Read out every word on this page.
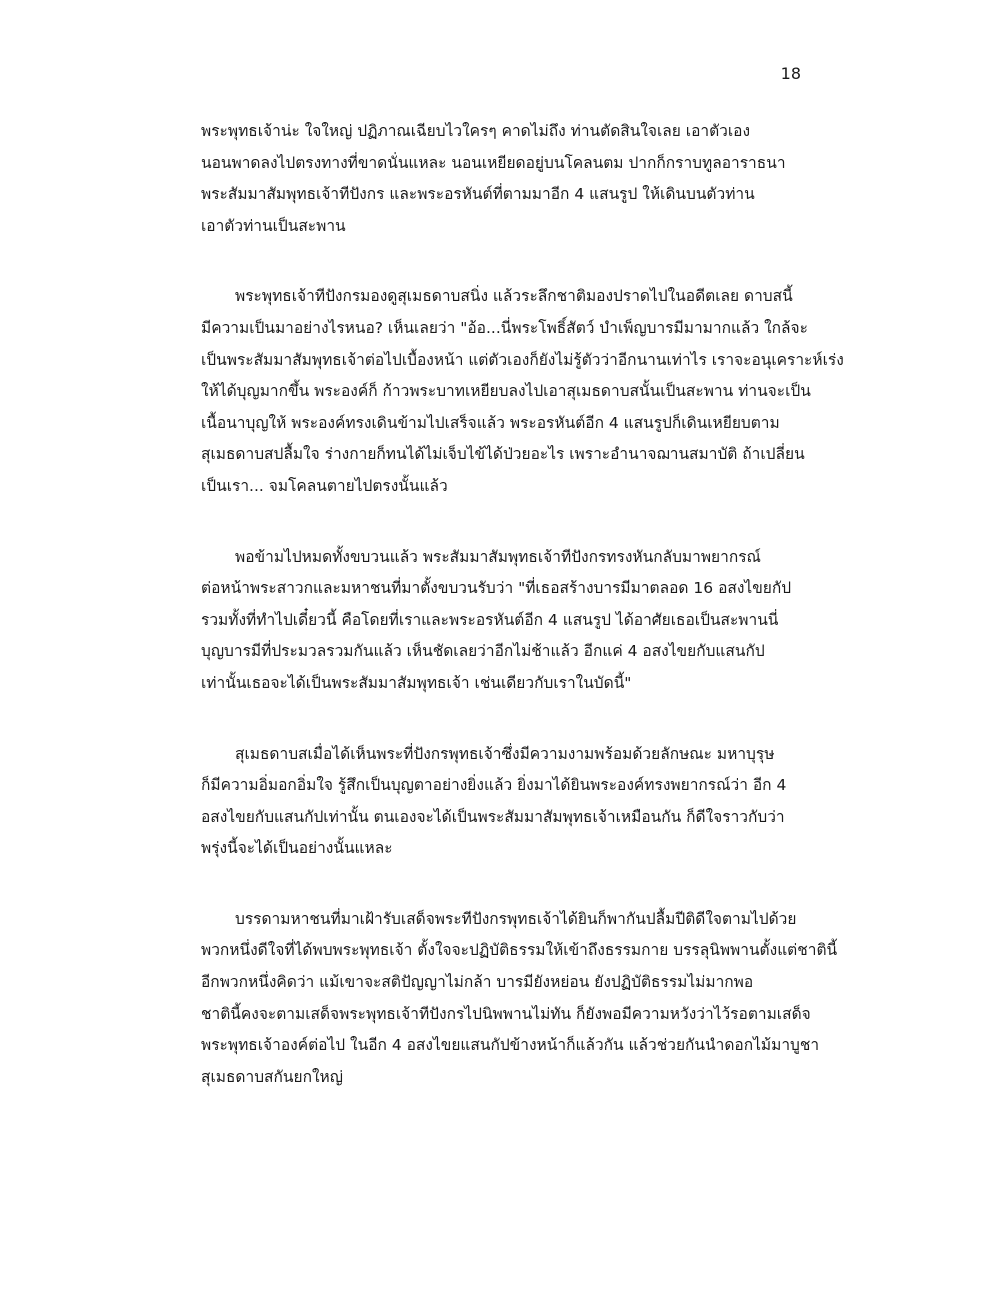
18
พระพุทธเจ้าน่ะ ใจใหญ่ ปฏิภาณเฉียบไวใครๆ คาดไม่ถึง ท่านตัดสินใจเลย เอาตัวเอง
นอนพาดลงไปตรงทางที่ขาดนั่นแหละ นอนเหยียดอยู่บนโคลนตม ปากก็กราบทูลอาราธนา
พระสัมมาสัมพุทธเจ้าทีปังกร และพระอรหันต์ที่ตามมาอีก 4 แสนรูป ให้เดินบนตัวท่าน
เอาตัวท่านเป็นสะพาน
พระพุทธเจ้าทีปังกรมองดูสุเมธดาบสนิ่ง แล้วระลึกชาติมองปราดไปในอดีตเลย ดาบสนี้
มีความเป็นมาอย่างไรหนอ? เห็นเลยว่า "อ้อ...นี่พระโพธิ์สัตว์ บำเพ็ญบารมีมามากแล้ว ใกล้จะ
เป็นพระสัมมาสัมพุทธเจ้าต่อไปเบื้องหน้า แต่ตัวเองก็ยังไม่รู้ตัวว่าอีกนานเท่าไร เราจะอนุเคราะห์เร่ง
ให้ได้บุญมากขึ้น พระองค์ก็ ก้าวพระบาทเหยียบลงไปเอาสุเมธดาบสนั้นเป็นสะพาน ท่านจะเป็น
เนื้อนาบุญให้ พระองค์ทรงเดินข้ามไปเสร็จแล้ว พระอรหันต์อีก 4 แสนรูปก็เดินเหยียบตาม
สุเมธดาบสปลื้มใจ ร่างกายก็ทนได้ไม่เจ็บไข้ได้ป่วยอะไร เพราะอำนาจฌานสมาบัติ ถ้าเปลี่ยน
เป็นเรา... จมโคลนตายไปตรงนั้นแล้ว
พอข้ามไปหมดทั้งขบวนแล้ว พระสัมมาสัมพุทธเจ้าทีปังกรทรงหันกลับมาพยากรณ์
ต่อหน้าพระสาวกและมหาชนที่มาตั้งขบวนรับว่า "ที่เธอสร้างบารมีมาตลอด 16 อสงไขยกัป
รวมทั้งที่ทำไปเดี๋ยวนี้ คือโดยที่เราและพระอรหันต์อีก 4 แสนรูป ได้อาศัยเธอเป็นสะพานนี่
บุญบารมีที่ประมวลรวมกันแล้ว เห็นชัดเลยว่าอีกไม่ช้าแล้ว อีกแค่ 4 อสงไขยกับแสนกัป
เท่านั้นเธอจะได้เป็นพระสัมมาสัมพุทธเจ้า เช่นเดียวกับเราในบัดนี้"
สุเมธดาบสเมื่อได้เห็นพระที่ปังกรพุทธเจ้าซึ่งมีความงามพร้อมด้วยลักษณะ มหาบุรุษ
ก็มีความอิ่มอกอิ่มใจ รู้สึกเป็นบุญตาอย่างยิ่งแล้ว ยิ่งมาได้ยินพระองค์ทรงพยากรณ์ว่า อีก 4
อสงไขยกับแสนกัปเท่านั้น ตนเองจะได้เป็นพระสัมมาสัมพุทธเจ้าเหมือนกัน ก็ดีใจราวกับว่า
พรุ่งนี้จะได้เป็นอย่างนั้นแหละ
บรรดามหาชนที่มาเฝ้ารับเสด็จพระทีปังกรพุทธเจ้าได้ยินก็พากันปลื้มปีติดีใจตามไปด้วย
พวกหนึ่งดีใจที่ได้พบพระพุทธเจ้า ตั้งใจจะปฏิบัติธรรมให้เข้าถึงธรรมกาย บรรลุนิพพานตั้งแต่ชาตินี้
อีกพวกหนึ่งคิดว่า แม้เขาจะสติปัญญาไม่กล้า บารมียังหย่อน ยังปฏิบัติธรรมไม่มากพอ
ชาตินี้คงจะตามเสด็จพระพุทธเจ้าทีปังกรไปนิพพานไม่ทัน ก็ยังพอมีความหวังว่าไว้รอตามเสด็จ
พระพุทธเจ้าองค์ต่อไป ในอีก 4 อสงไขยแสนกัปข้างหน้าก็แล้วกัน แล้วช่วยกันนำดอกไม้มาบูชา
สุเมธดาบสกันยกใหญ่
